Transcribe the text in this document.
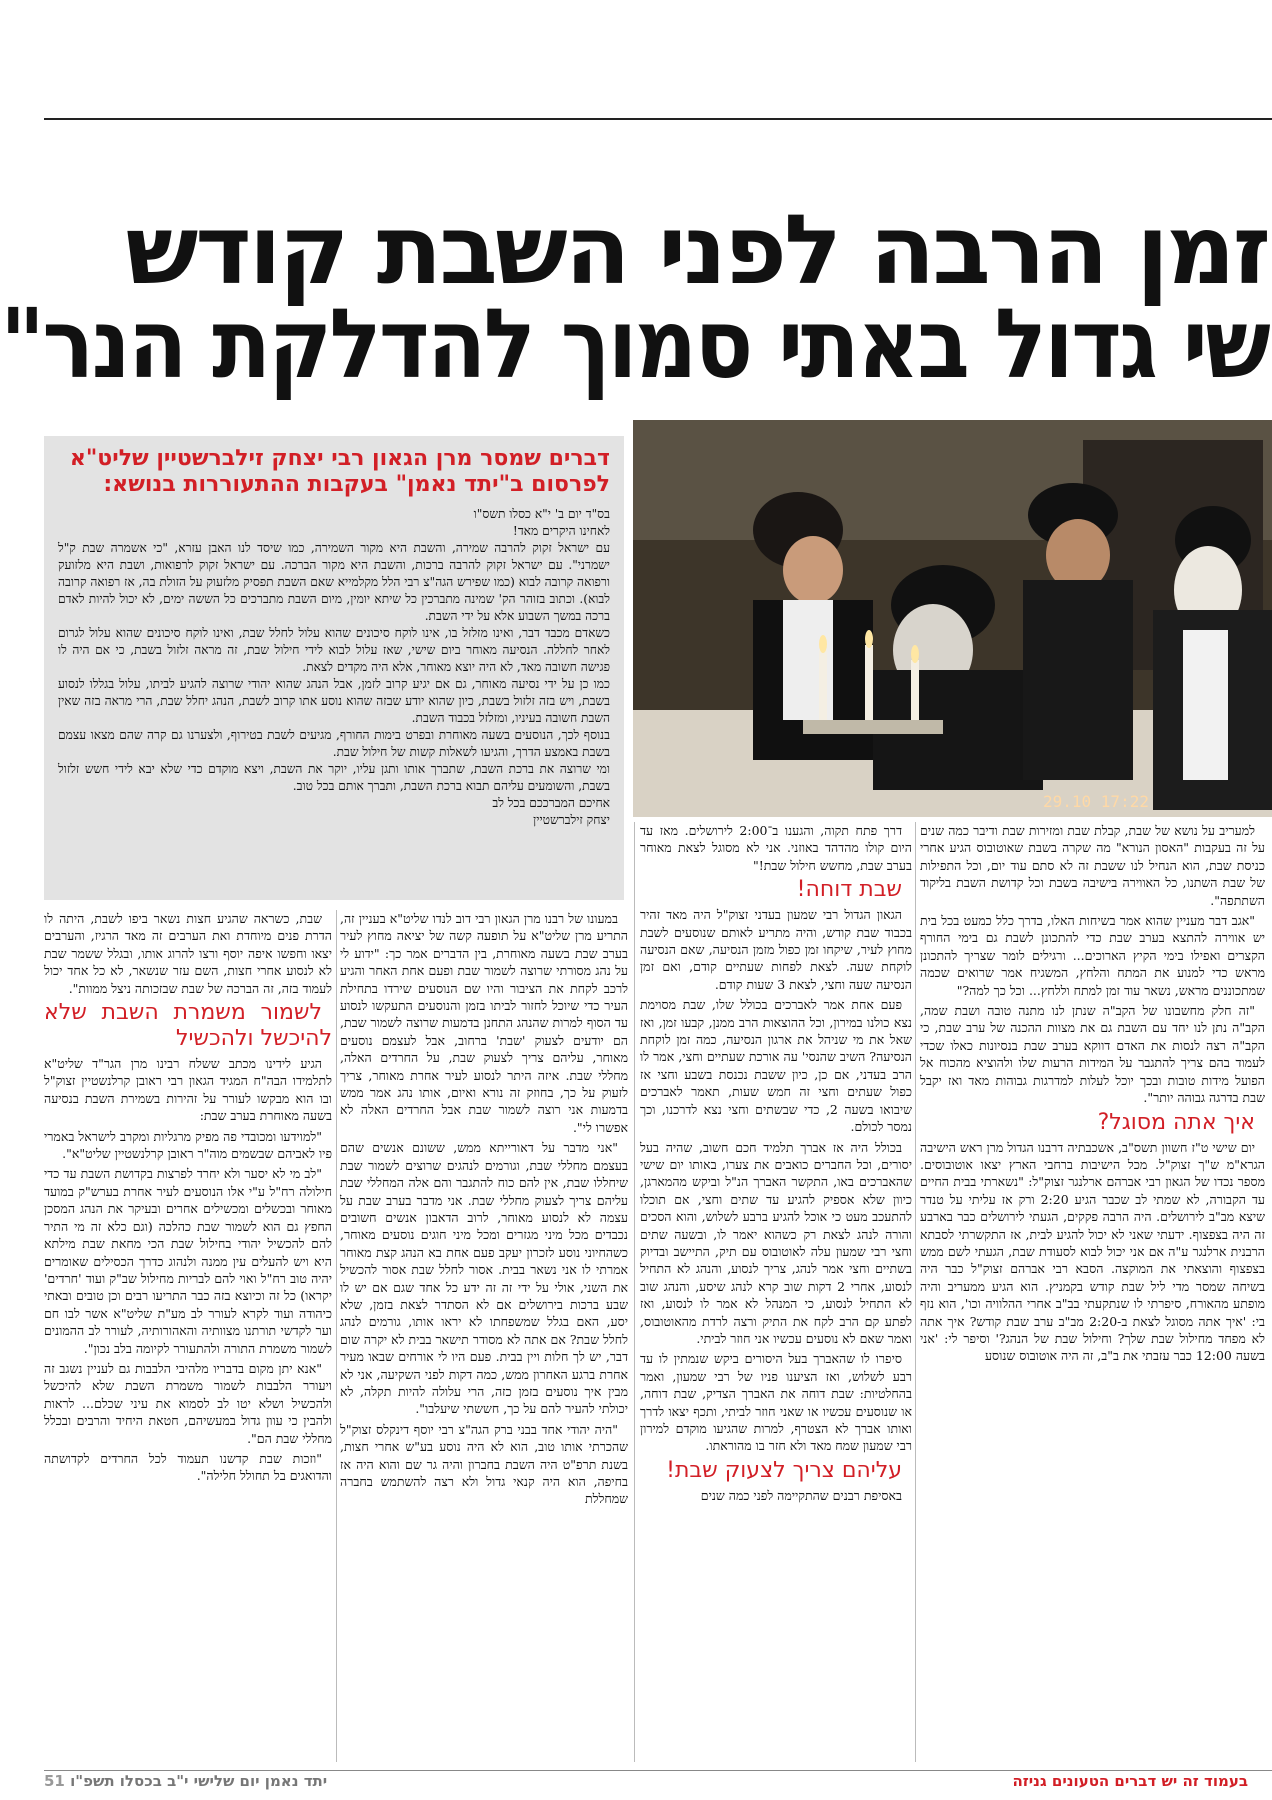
זמן הרבה לפני השבת קודש
שי גדול באתי סמוך להדלקת הנר"
29.10 17:22
דברים שמסר מרן הגאון רבי יצחק זילברשטיין שליט"א
לפרסום ב"יתד נאמן" בעקבות ההתעוררות בנושא:

בס"ד יום ב' י"א כסלו תשס"ו

לאחינו היקרים מאד!

עם ישראל זקוק להרבה שמירה, והשבת היא מקור השמירה, כמו שיסד לנו האבן עזרא, "כי אשמרה שבת ק"ל ישמרני". עם ישראל זקוק להרבה ברכות, והשבת היא מקור הברכה. עם ישראל זקוק לרפואות, ושבת היא מלזועק ורפואה קרובה לבוא (כמו שפירש הגה"צ רבי הלל מקלמייא שאם השבת תפסיק מלזעוק על הזולת בה, אז רפואה קרובה לבוא). וכתוב בזוהר הק' שמינה מתברכין כל שיתא יומין, מיום השבת מתברכים כל הששה ימים, לא יכול להיות לאדם ברכה במשך השבוע אלא על ידי השבת.

כשאדם מכבד דבר, ואינו מזלזל בו, אינו לוקח סיכונים שהוא עלול לחלל שבת, ואינו לוקח סיכונים שהוא עלול לגרום לאחר לחללה. הנסיעה מאוחר ביום שישי, שאז עלול לבוא לידי חילול שבת, זה מראה זלזול בשבת, כי אם היה לו פגישה חשובה מאד, לא היה יוצא מאוחר, אלא היה מקדים לצאת.

כמו כן על ידי נסיעה מאוחר, גם אם יגיע קרוב לזמן, אבל הנהג שהוא יהודי שרוצה להגיע לביתו, עלול בגללו לנסוע בשבת, ויש בזה זלזול בשבת, כיון שהוא יודע שבזה שהוא נוסע אתו קרוב לשבת, הנהג יחלל שבת, הרי מראה בזה שאין השבת חשובה בעיניו, ומזלזל בכבוד השבת.

בנוסף לכך, הנוסעים בשעה מאוחרת ובפרט בימות החורף, מגיעים לשבת בטירוף, ולצערנו גם קרה שהם מצאו עצמם בשבת באמצע הדרך, והגיעו לשאלות קשות של חילול שבת.

ומי שרוצה את ברכת השבת, שתברך אותו ותגן עליו, יוקר את השבת, ויצא מוקדם כדי שלא יבא לידי חשש זלזול בשבת, והשומעים עליהם תבוא ברכת השבת, ותברך אותם בכל טוב.

אחיכם המברככם בכל לב

יצחק זילברשטיין

למעריב על נושא של שבת, קבלת שבת ומזירות שבת ודיבר כמה שנים על זה בעקבות "האסון הנורא" מה שקרה בשבת שאוטובוס הגיע אחרי כניסת שבת, הוא הנחיל לנו ששבת זה לא סתם עוד יום, וכל התפילות של שבת השתנו, כל האווירה בישיבה בשבת וכל קדושת השבת בליקוד השתתפה".

"אגב דבר מעניין שהוא אמר בשיחות האלו, בדרך כלל כמעט בכל בית יש אווירה להתצא בערב שבת כדי להתכונן לשבת גם בימי החורף הקצרים ואפילו בימי הקיץ הארוכים... ורגילים לומר שצריך להתכונן מראש כדי למנוע את המתח והלחץ, המשגיח אמר שרואים שכמה שמתכוננים מראש, נשאר עוד זמן למתח וללחץ... וכל כך למה?"

"זה חלק מחשבונו של הקב"ה שנתן לנו מתנה טובה ושבת שמה, הקב"ה נתן לנו יחד עם השבת גם את מצוות ההכנה של ערב שבת, כי הקב"ה רצה לנסות את האדם דווקא בערב שבת בנסיונות כאלו שכדי לעמוד בהם צריך להתגבר על המידות הרעות שלו ולהוציא מהכוח אל הפועל מידות טובות ובכך יוכל לעלות למדרגות גבוהות מאד ואז יקבל שבת בדרגה גבוהה יותר".

איך אתה מסוגל?

יום שישי ט"ז חשוון תשס"ב, אשכבתיה דרבנו הגדול מרן ראש הישיבה הגרא"מ ש"ך זצוק"ל. מכל הישיבות ברחבי הארץ יצאו אוטובוסים. מספר נכדו של הגאון רבי אברהם ארלנגר זצוק"ל: "נשארתי בבית החיים עד הקבורה, לא שמתי לב שכבר הגיע 2:20 ורק אז עליתי על טנדר שיצא מב"ב לירושלים. היה הרבה פקקים, הגעתי לירושלים כבר בארבע זה היה בצפצוף. ידעתי שאני לא יכול להגיע לבית, אז התקשרתי לסבתא הרבנית ארלנגר ע"ה אם אני יכול לבוא לסעודת שבת, הגעתי לשם ממש בצפצוף והוצאתי את המוקצה. הסבא רבי אברהם זצוק"ל כבר היה בשיחה שמסר מדי ליל שבת קודש בקמניץ. הוא הגיע ממעריב והיה מופתע מהאורח, סיפרתי לו שנתקעתי בב"ב אחרי ההלוויה וכו', הוא נזף בי: 'איך אתה מסוגל לצאת ב-2:20 מב"ב ערב שבת קודש? איך אתה לא מפחד מחילול שבת שלך? וחילול שבת של הנהג?' וסיפר לי: 'אני בשעה 12:00 כבר עזבתי את ב"ב, זה היה אוטובוס שנוסע

דרך פתח תקוה, והגענו ב־2:00 לירושלים. מאז עד היום קולו מהדהד באוזני. אני לא מסוגל לצאת מאוחר בערב שבת, מחשש חילול שבת!"

שבת דוחה!

הגאון הגדול רבי שמעון בעדני זצוק"ל היה מאד זהיר בכבוד שבת קודש, והיה מתריע לאותם שנוסעים לשבת מחוץ לעיר, שיקחו זמן כפול מזמן הנסיעה, שאם הנסיעה לוקחת שעה. לצאת לפחות שעתיים קודם, ואם זמן הנסיעה שעה וחצי, לצאת 3 שעות קודם.

פעם אחת אמר לאברכים בכולל שלו, שבת מסוימת נצא כולנו במירון, וכל ההוצאות הרב ממנן, קבעו זמן, ואז שאל את מי שניהל את ארגון הנסיעה, כמה זמן לוקחת הנסיעה? השיב שהנסי' עה אורכת שעתיים וחצי, אמר לו הרב בעדני, אם כן, כיון ששבת נכנסת בשבע וחצי אז כפול שעתים וחצי זה חמש שעות, תאמר לאברכים שיבואו בשעה 2, כדי שבשתים וחצי נצא לדרכנו, וכך נמסר לכולם.

בכולל היה אז אברך תלמיד חכם חשוב, שהיה בעל יסורים, וכל החברים כואבים את צערו, באותו יום שישי שהאברכים באו, התקשר האברך הנ"ל וביקש מהמארגן, כיוון שלא אספיק להגיע עד שתים וחצי, אם תוכלו להתעכב מעט כי אוכל להגיע ברבע לשלוש, והוא הסכים והורה לנהג לצאת רק כשהוא יאמר לו, ובשעה שתים וחצי רבי שמעון עלה לאוטובוס עם תיק, התיישב ובדיוק בשתיים וחצי אמר לנהג, צריך לנסוע, והנהג לא התחיל לנסוע, אחרי 2 דקות שוב קרא לנהג שיסע, והנהג שוב לא התחיל לנסוע, כי המנהל לא אמר לו לנסוע, ואז לפתע קם הרב לקח את התיק ורצה לרדת מהאוטובוס, ואמר שאם לא נוסעים עכשיו אני חוזר לביתי.

סיפרו לו שהאברך בעל היסורים ביקש שנמתין לו עד רבע לשלוש, ואז הציענו פניו של רבי שמעון, ואמר בהחלטיות: שבת דוחה את האברך הצדיק, שבת דוחה, או שנוסעים עכשיו או שאני חוזר לביתי, ותכף יצאו לדרך ואותו אברך לא הצטרף, למרות שהגיעו מוקדם למירון רבי שמעון שמח מאד ולא חזר בו מהוראתו.

עליהם צריך לצעוק שבת!

באסיפת רבנים שהתקיימה לפני כמה שנים

במעונו של רבנו מרן הגאון רבי דוב לנדו שליט"א בעניין זה, התריע מרן שליט"א על תופעה קשה של יציאה מחוץ לעיר בערב שבת בשעה מאוחרת, בין הדברים אמר כך: "ידוע לי על נהג מסורתי שרוצה לשמור שבת ופעם אחת האחר והגיע לרכב לקחת את הציבור והיו שם הנוסעים שירדו בתחילת העיר כדי שיוכל לחזור לביתו בזמן והנוסעים התעקשו לנסוע עד הסוף למרות שהנהג התחנן בדמעות שרוצה לשמור שבת, הם יודעים לצעוק 'שבת' ברחוב, אבל לעצמם נוסעים מאוחר, עליהם צריך לצעוק שבת, על החרדים האלה, מחללי שבת. איזה היתר לנסוע לעיר אחרת מאוחר, צריך לזעוק על כך, בחוזק זה נורא ואיום, אותו נהג אמר ממש בדמעות אני רוצה לשמור שבת אבל החרדים האלה לא אפשרו לי".

"אני מדבר על דאורייתא ממש, ששונם אנשים שהם בעצמם מחללי שבת, וגורמים לנהגים שרוצים לשמור שבת שיחללו שבת, אין להם כוח להתגבר והם אלה המחללי שבת עליהם צריך לצעוק מחללי שבת. אני מדבר בערב שבת על עצמה לא לנסוע מאוחר, לרוב הדאבון אנשים חשובים נכבדים מכל מיני מגזרים ומכל מיני חוגים נוסעים מאוחר, כשהחיוני נוסע לזכרון יעקב פעם אחת בא הנהג קצת מאוחר אמרתי לו אני נשאר בבית. אסור לחלל שבת אסור להכשיל את השני, אולי על ידי זה זה ידע כל אחד שגם אם יש לו שבע ברכות בירושלים אם לא הסתדר לצאת בזמן, שלא יסע, האם בגלל שמשפחתו לא יראו אותו, גורמים לנהג לחלל שבת? אם אתה לא מסודר תישאר בבית לא יקרה שום דבר, יש לך חלות ויין בבית. פעם היו לי אורחים שבאו מעיר אחרת ברגע האחרון ממש, כמה דקות לפני השקיעה, אני לא מבין איך נוסעים בזמן כזה, הרי עלולה להיות תקלה, לא יכולתי להעיר להם על כך, חששתי שיעלבו".

"היה יהודי אחד בבני ברק הגה"צ רבי יוסף דינקלס זצוק"ל שהכרתי אותו טוב, הוא לא היה נוסע בע"ש אחרי חצות, בשנת תרפ"ט היה השבת בחברון והיה גר שם והוא היה אז בחיפה, הוא היה קנאי גדול ולא רצה להשתמש בחברה שמחללת

שבת, כשראה שהגיע חצות נשאר ביפו לשבת, היתה לו הדרת פנים מיוחדת ואת הערבים זה מאד הרגיז, והערבים יצאו וחפשו איפה יוסף ורצו להרוג אותו, ובגלל ששמר שבת לא לנסוע אחרי חצות, השם עזר שנשאר, לא כל אחד יכול לעמוד בזה, זה הברכה של שבת שבזכותה ניצל ממוות".

לשמור משמרת השבת שלא להיכשל ולהכשיל

הגיע לידינו מכתב ששלח רבינו מרן הגר"ד שליט"א לתלמידו הבה"ח המגיד הגאון רבי ראובן קרלנשטיין זצוק"ל ובו הוא מבקשו לעורר על זהירות בשמירת השבת בנסיעה בשעה מאוחרת בערב שבת:

"למוידעו ומכובדי פה מפיק מרגליות ומקרב לישראל באמרי פיו לאביהם שבשמים מוה"ר ראובן קרלנשטיין שליט"א".

"לב מי לא יסער ולא יחרד לפרצות בקדושת השבת עד כדי חילולה רח"ל ע"י אלו הנוסעים לעיר אחרת בערש"ק במועד מאוחר ובכשלים ומכשילים אחרים ובעיקר את הנהג המסכן החפץ גם הוא לשמור שבת כהלכה (וגם כלא זה מי התיר להם להכשיל יהודי בחילול שבת הכי מחאת שבת מילתא היא ויש להעלים עין ממנה ולנהוג כדרך הכסילים שאומרים יהיה טוב רח"ל ואוי להם לבריות מחילול שב"ק ועוד 'חרדים' יקראו) כל זה וכיוצא בזה כבר התריעו רבים וכן טובים ובאתי כיהודה ועוד לקרא לעורר לב מע"ת שליט"א אשר לבו חם וער לקדשי תורתנו מצוותיה והאהורותיה, לעורר לב ההמונים לשמור משמרת התורה ולהתעורר לקיומה בלב נכון".

"אנא יתן מקום בדבריו מלהיבי הלבבות גם לעניין נשגב זה ויעורר הלבבות לשמור משמרת השבת שלא להיכשל ולהכשיל ושלא יטו לב לסמוא את עיני שכלם... לראות ולהבין כי עוון גדול במעשיהם, חטאת היחיד והרבים ובכלל מחללי שבת הם".

"וזכות שבת קדשנו תעמוד לכל החרדים לקדושתה והדואגים בל תחולל חלילה".

יתד נאמן יום שלישי י"ב בכסלו תשפ"ו 51	בעמוד זה יש דברים הטעונים גניזה
